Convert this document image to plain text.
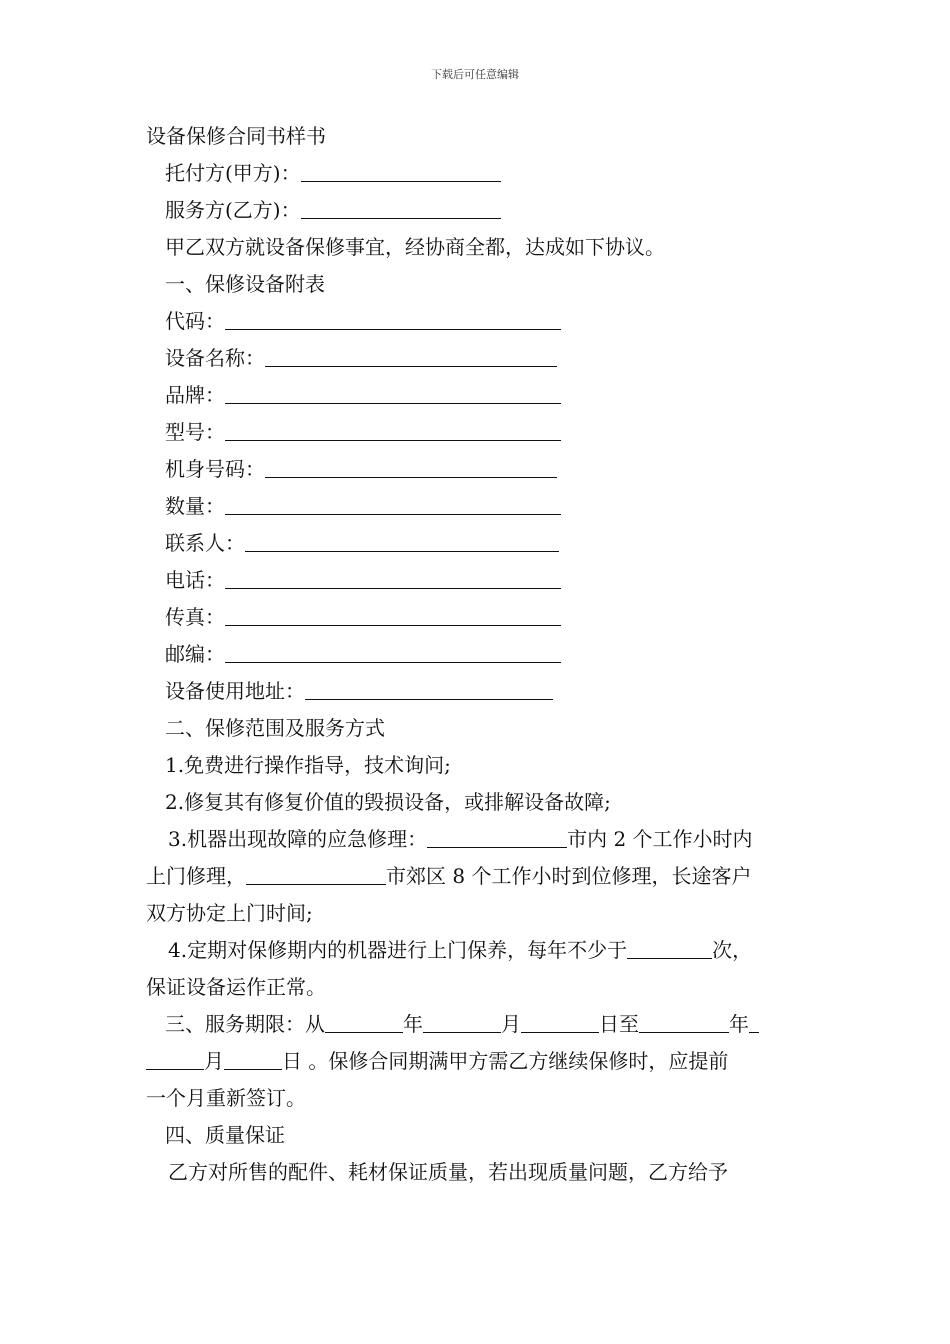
下载后可任意编辑
设备保修合同书样书
托付方(甲方)：
服务方(乙方)：
甲乙双方就设备保修事宜，经协商全都，达成如下协议。
一、保修设备附表
代码：
设备名称：
品牌：
型号：
机身号码：
数量：
联系人：
电话：
传真：
邮编：
设备使用地址：
二、保修范围及服务方式
1.免费进行操作指导，技术询问;
2.修复其有修复价值的毁损设备，或排解设备故障;
3.机器出现故障的应急修理：	市内 2 个工作小时内
上门修理，	市郊区 8 个工作小时到位修理，长途客户
双方协定上门时间;
4.定期对保修期内的机器进行上门保养，每年不少于	次，
保证设备运作正常。
三、服务期限：从	年	月	日至	年
月	日 。保修合同期满甲方需乙方继续保修时，应提前
一个月重新签订。
四、质量保证
乙方对所售的配件、耗材保证质量，若出现质量问题，乙方给予
